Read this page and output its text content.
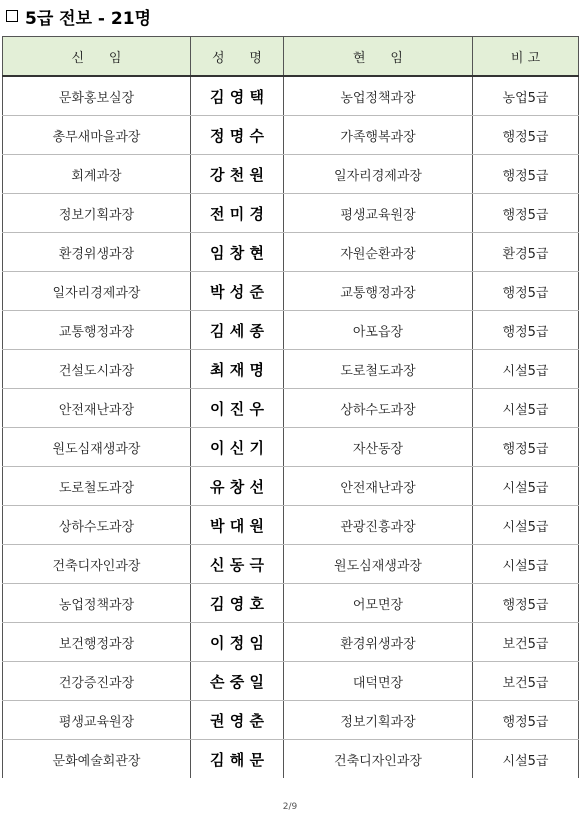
5급 전보 - 21명
신      임	성      명	현      임	비 고
문화홍보실장	김 영 택	농업정책과장	농업5급
총무새마을과장	정 명 수	가족행복과장	행정5급
회계과장	강 천 원	일자리경제과장	행정5급
정보기획과장	전 미 경	평생교육원장	행정5급
환경위생과장	임 창 현	자원순환과장	환경5급
일자리경제과장	박 성 준	교통행정과장	행정5급
교통행정과장	김 세 종	아포읍장	행정5급
건설도시과장	최 재 명	도로철도과장	시설5급
안전재난과장	이 진 우	상하수도과장	시설5급
원도심재생과장	이 신 기	자산동장	행정5급
도로철도과장	유 창 선	안전재난과장	시설5급
상하수도과장	박 대 원	관광진흥과장	시설5급
건축디자인과장	신 동 극	원도심재생과장	시설5급
농업정책과장	김 영 호	어모면장	행정5급
보건행정과장	이 정 임	환경위생과장	보건5급
건강증진과장	손 중 일	대덕면장	보건5급
평생교육원장	권 영 춘	정보기획과장	행정5급
문화예술회관장	김 해 문	건축디자인과장	시설5급
2/9
